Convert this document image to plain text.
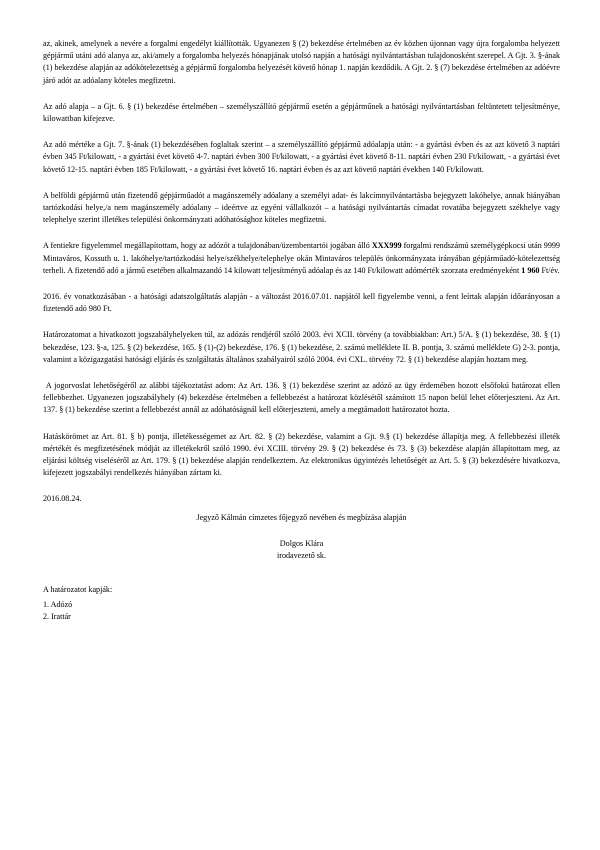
az, akinek, amelynek a nevére a forgalmi engedélyt kiállították. Ugyanezen § (2) bekezdése értelmében az év közben újonnan vagy újra forgalomba helyezett gépjármű utáni adó alanya az, aki/amely a forgalomba helyezés hónapjának utolsó napján a hatósági nyilvántartásban tulajdonosként szerepel. A Gjt. 3. §-ának (1) bekezdése alapján az adókötelezettség a gépjármű forgalomba helyezését követő hónap 1. napján kezdődik. A Gjt. 2. § (7) bekezdése értelmében az adóévre járó adót az adóalany köteles megfizetni.

Az adó alapja – a Gjt. 6. § (1) bekezdése értelmében – személyszállító gépjármű esetén a gépjárműnek a hatósági nyilvántartásban feltüntetett teljesítménye, kilowattban kifejezve.

Az adó mértéke a Gjt. 7. §-ának (1) bekezdésében foglaltak szerint – a személyszállító gépjármű adóalapja után: - a gyártási évben és az azt követő 3 naptári évben 345 Ft/kilowatt, - a gyártási évet követő 4-7. naptári évben 300 Ft/kilowatt, - a gyártási évet követő 8-11. naptári évben 230 Ft/kilowatt, - a gyártási évet követő 12-15. naptári évben 185 Ft/kilowatt, - a gyártási évet követő 16. naptári évben és az azt követő naptári években 140 Ft/kilowatt.

A belföldi gépjármű után fizetendő gépjárműadót a magánszemély adóalany a személyi adat- és lakcímnyilvántartásba bejegyzett lakóhelye, annak hiányában tartózkodási helye,/a nem magánszemély adóalany – ideértve az egyéni vállalkozót – a hatósági nyilvántartás címadat rovatába bejegyzett székhelye vagy telephelye szerint illetékes települési önkormányzati adóhatósághoz köteles megfizetni.

A fentiekre figyelemmel megállapítottam, hogy az adózót a tulajdonában/üzembentartói jogában álló XXX999 forgalmi rendszámú személygépkocsi után 9999 Mintaváros, Kossuth u. 1. lakóhelye/tartózkodási helye/székhelye/telephelye okán Mintaváros település önkormányzata irányában gépjárműadó-kötelezettség terheli. A fizetendő adó a jármű esetében alkalmazandó 14 kilowatt teljesítményű adóalap és az 140 Ft/kilowatt adómérték szorzata eredményeként 1 960 Ft/év.

2016. év vonatkozásában - a hatósági adatszolgáltatás alapján - a változást 2016.07.01. napjától kell figyelembe venni, a fent leírtak alapján időarányosan a fizetendő adó 980 Ft.

Határozatomat a hivatkozott jogszabályhelyeken túl, az adózás rendjéről szóló 2003. évi XCII. törvény (a továbbiakban: Art.) 5/A. § (1) bekezdése, 38. § (1) bekezdése, 123. §-a, 125. § (2) bekezdése, 165. § (1)-(2) bekezdése, 176. § (1) bekezdése, 2. számú melléklete II. B. pontja, 3. számú melléklete G) 2-3. pontja, valamint a közigazgatási hatósági eljárás és szolgáltatás általános szabályairól szóló 2004. évi CXL. törvény 72. § (1) bekezdése alapján hoztam meg.

A jogorvoslat lehetőségéről az alábbi tájékoztatást adom: Az Art. 136. § (1) bekezdése szerint az adózó az ügy érdemében hozott elsőfokú határozat ellen fellebbezhet. Ugyanezen jogszabályhely (4) bekezdése értelmében a fellebbezést a határozat közlésétől számított 15 napon belül lehet előterjeszteni. Az Art. 137. § (1) bekezdése szerint a fellebbezést annál az adóhatóságnál kell előterjeszteni, amely a megtámadott határozatot hozta.

Hatáskörömet az Art. 81. § b) pontja, illetékességemet az Art. 82. § (2) bekezdése, valamint a Gjt. 9.§ (1) bekezdése állapítja meg. A fellebbezési illeték mértékét és megfizetésének módját az illetékekről szóló 1990. évi XCIII. törvény 29. § (2) bekezdése és 73. § (3) bekezdése alapján állapítottam meg, az eljárási költség viseléséről az Art. 179. § (1) bekezdése alapján rendelkeztem. Az elektronikus ügyintézés lehetőségét az Art. 5. § (3) bekezdésére hivatkozva, kifejezett jogszabályi rendelkezés hiányában zártam ki.

2016.08.24.
Jegyző Kálmán címzetes főjegyző nevében és megbízása alapján
Dolgos Klára
irodavezető sk.
A határozatot kapják:
1. Adózó
2. Irattár
